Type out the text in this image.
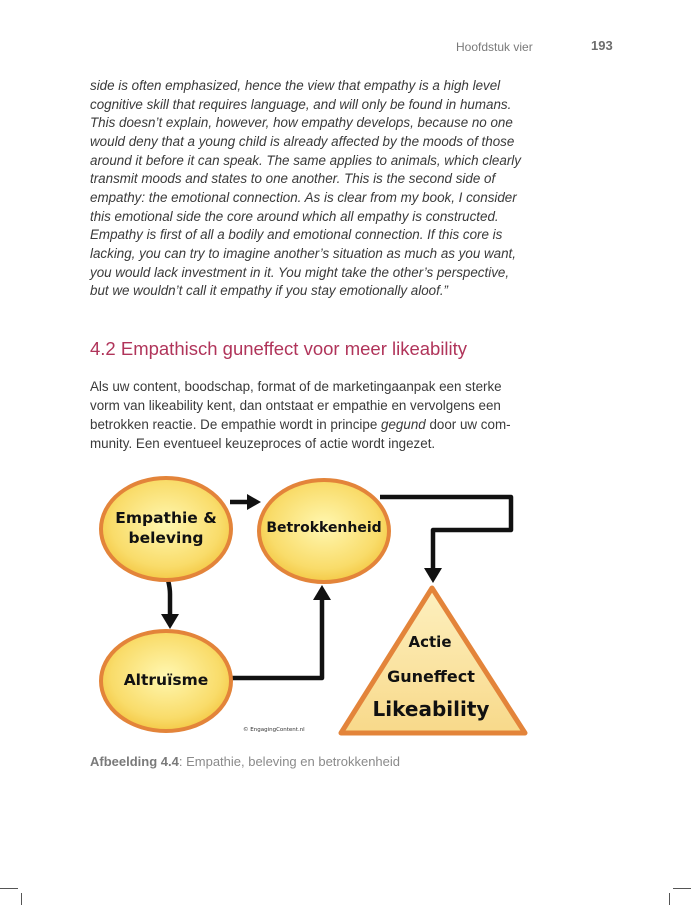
Hoofdstuk vier	193
side is often emphasized, hence the view that empathy is a high level
cognitive skill that requires language, and will only be found in humans.
This doesn’t explain, however, how empathy develops, because no one
would deny that a young child is already affected by the moods of those
around it before it can speak. The same applies to animals, which clearly
transmit moods and states to one another. This is the second side of
empathy: the emotional connection. As is clear from my book, I consider
this emotional side the core around which all empathy is constructed.
Empathy is first of all a bodily and emotional connection. If this core is
lacking, you can try to imagine another’s situation as much as you want,
you would lack investment in it. You might take the other’s perspective,
but we wouldn’t call it empathy if you stay emotionally aloof.”
4.2 Empathisch guneffect voor meer likeability
Als uw content, boodschap, format of de marketingaanpak een sterke
vorm van likeability kent, dan ontstaat er empathie en vervolgens een
betrokken reactie. De empathie wordt in principe gegund door uw com-
munity. Een eventueel keuzeproces of actie wordt ingezet.
Empathie &
beleving
Betrokkenheid
Altruïsme
Actie
Guneffect
Likeability
© EngagingContent.nl

Afbeelding 4.4: Empathie, beleving en betrokkenheid
